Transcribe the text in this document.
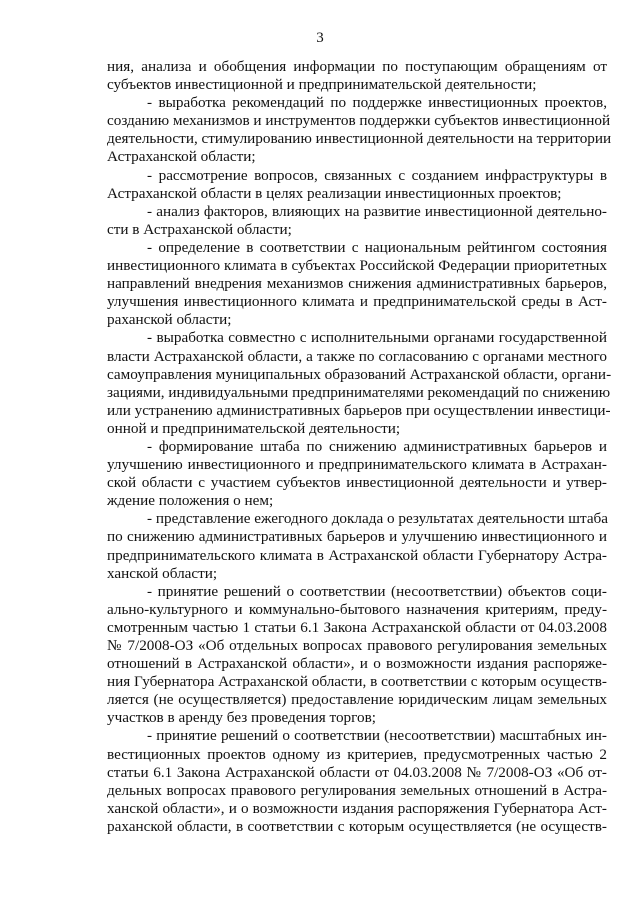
3
ния, анализа и обобщения информации по поступающим обращениям от
субъектов инвестиционной и предпринимательской деятельности;
- выработка рекомендаций по поддержке инвестиционных проектов,
созданию механизмов и инструментов поддержки субъектов инвестиционной
деятельности, стимулированию инвестиционной деятельности на территории
Астраханской области;
- рассмотрение вопросов, связанных с созданием инфраструктуры в
Астраханской области в целях реализации инвестиционных проектов;
- анализ факторов, влияющих на развитие инвестиционной деятельно-
сти в Астраханской области;
- определение в соответствии с национальным рейтингом состояния
инвестиционного климата в субъектах Российской Федерации приоритетных
направлений внедрения механизмов снижения административных барьеров,
улучшения инвестиционного климата и предпринимательской среды в Аст-
раханской области;
- выработка совместно с исполнительными органами государственной
власти Астраханской области, а также по согласованию с органами местного
самоуправления муниципальных образований Астраханской области, органи-
зациями, индивидуальными предпринимателями рекомендаций по снижению
или устранению административных барьеров при осуществлении инвестици-
онной и предпринимательской деятельности;
- формирование штаба по снижению административных барьеров и
улучшению инвестиционного и предпринимательского климата в Астрахан-
ской области с участием субъектов инвестиционной деятельности и утвер-
ждение положения о нем;
- представление ежегодного доклада о результатах деятельности штаба
по снижению административных барьеров и улучшению инвестиционного и
предпринимательского климата в Астраханской области Губернатору Астра-
ханской области;
- принятие решений о соответствии (несоответствии) объектов соци-
ально-культурного и коммунально-бытового назначения критериям, преду-
смотренным частью 1 статьи 6.1 Закона Астраханской области от 04.03.2008
№ 7/2008-ОЗ «Об отдельных вопросах правового регулирования земельных
отношений в Астраханской области», и о возможности издания распоряже-
ния Губернатора Астраханской области, в соответствии с которым осуществ-
ляется (не осуществляется) предоставление юридическим лицам земельных
участков в аренду без проведения торгов;
- принятие решений о соответствии (несоответствии) масштабных ин-
вестиционных проектов одному из критериев, предусмотренных частью 2
статьи 6.1 Закона Астраханской области от 04.03.2008 № 7/2008-ОЗ «Об от-
дельных вопросах правового регулирования земельных отношений в Астра-
ханской области», и о возможности издания распоряжения Губернатора Аст-
раханской области, в соответствии с которым осуществляется (не осуществ-
